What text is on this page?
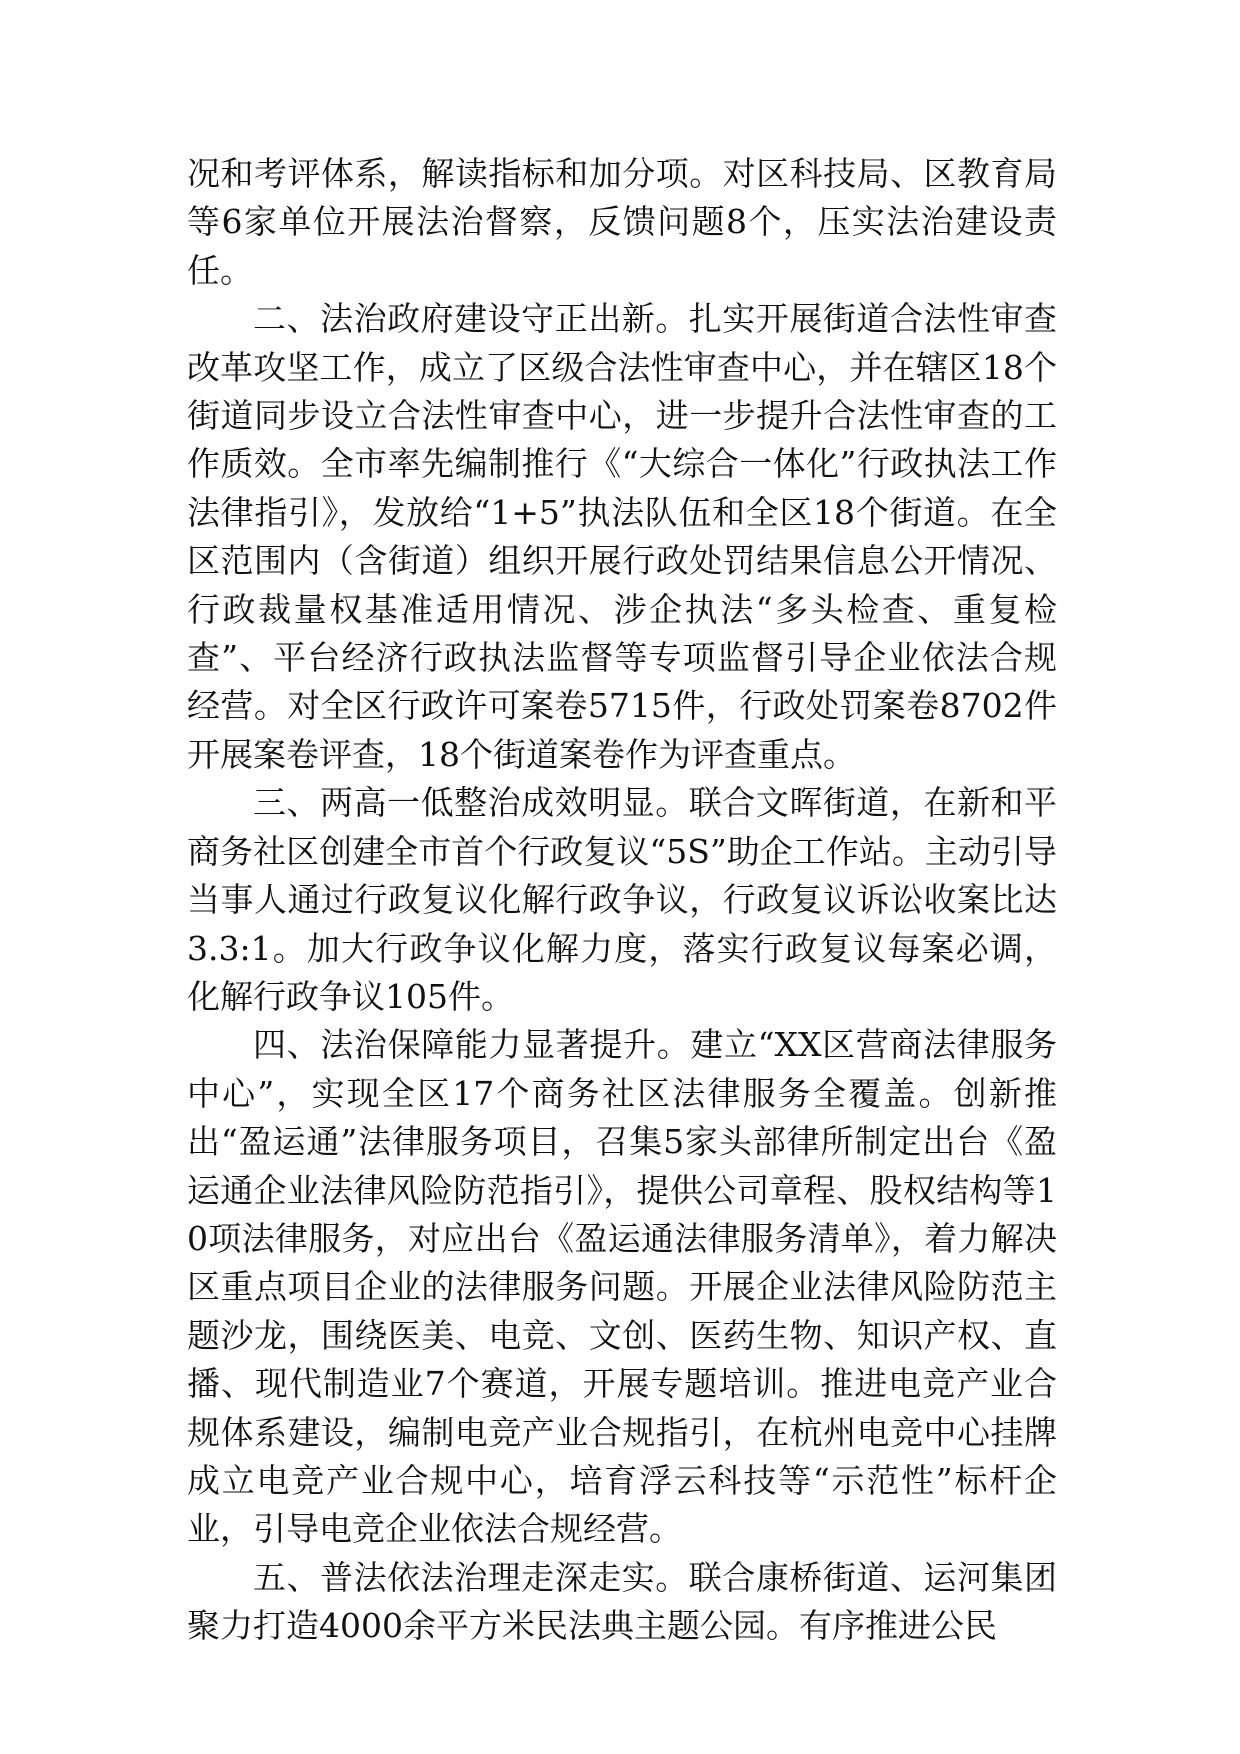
况和考评体系，解读指标和加分项。对区科技局、区教育局等6家单位开展法治督察，反馈问题8个，压实法治建设责任。

二、法治政府建设守正出新。扎实开展街道合法性审查改革攻坚工作，成立了区级合法性审查中心，并在辖区18个街道同步设立合法性审查中心，进一步提升合法性审查的工作质效。全市率先编制推行《“大综合一体化”行政执法工作法律指引》，发放给“1+5”执法队伍和全区18个街道。在全区范围内（含街道）组织开展行政处罚结果信息公开情况、行政裁量权基准适用情况、涉企执法“多头检查、重复检查”、平台经济行政执法监督等专项监督引导企业依法合规经营。对全区行政许可案卷5715件，行政处罚案卷8702件开展案卷评查，18个街道案卷作为评查重点。

三、两高一低整治成效明显。联合文晖街道，在新和平商务社区创建全市首个行政复议“5S”助企工作站。主动引导当事人通过行政复议化解行政争议，行政复议诉讼收案比达3.3:1。加大行政争议化解力度，落实行政复议每案必调，化解行政争议105件。

四、法治保障能力显著提升。建立“XX区营商法律服务中心”，实现全区17个商务社区法律服务全覆盖。创新推出“盈运通”法律服务项目，召集5家头部律所制定出台《盈运通企业法律风险防范指引》，提供公司章程、股权结构等10项法律服务，对应出台《盈运通法律服务清单》，着力解决区重点项目企业的法律服务问题。开展企业法律风险防范主题沙龙，围绕医美、电竞、文创、医药生物、知识产权、直播、现代制造业7个赛道，开展专题培训。推进电竞产业合规体系建设，编制电竞产业合规指引，在杭州电竞中心挂牌成立电竞产业合规中心，培育浮云科技等“示范性”标杆企业，引导电竞企业依法合规经营。

五、普法依法治理走深走实。联合康桥街道、运河集团聚力打造4000余平方米民法典主题公园。有序推进公民
